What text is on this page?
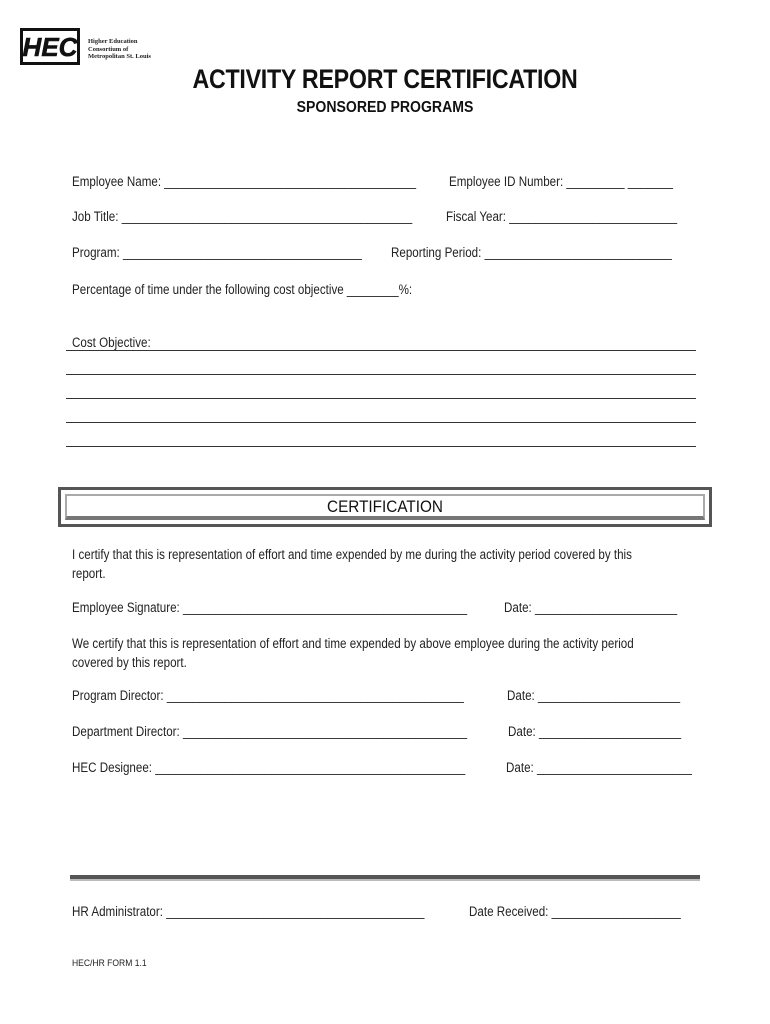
HEC Higher Education
Consortium of
Metropolitan St. Louis
ACTIVITY REPORT CERTIFICATION
SPONSORED PROGRAMS
Employee Name: _______________________________________ Employee ID Number: _________ _______
Job Title: _____________________________________________ Fiscal Year: __________________________
Program: _____________________________________ Reporting Period: _____________________________
Percentage of time under the following cost objective ________%:
Cost Objective:
CERTIFICATION
I certify that this is representation of effort and time expended by me during the activity period covered by this report.
Employee Signature: ____________________________________________	Date: ______________________
We certify that this is representation of effort and time expended by above employee during the activity period covered by this report.
Program Director: ______________________________________________	Date: ______________________
Department Director: ____________________________________________	Date: ______________________
HEC Designee: ________________________________________________	Date: ________________________
HR Administrator: ________________________________________	Date Received: ____________________
HEC/HR FORM 1.1
